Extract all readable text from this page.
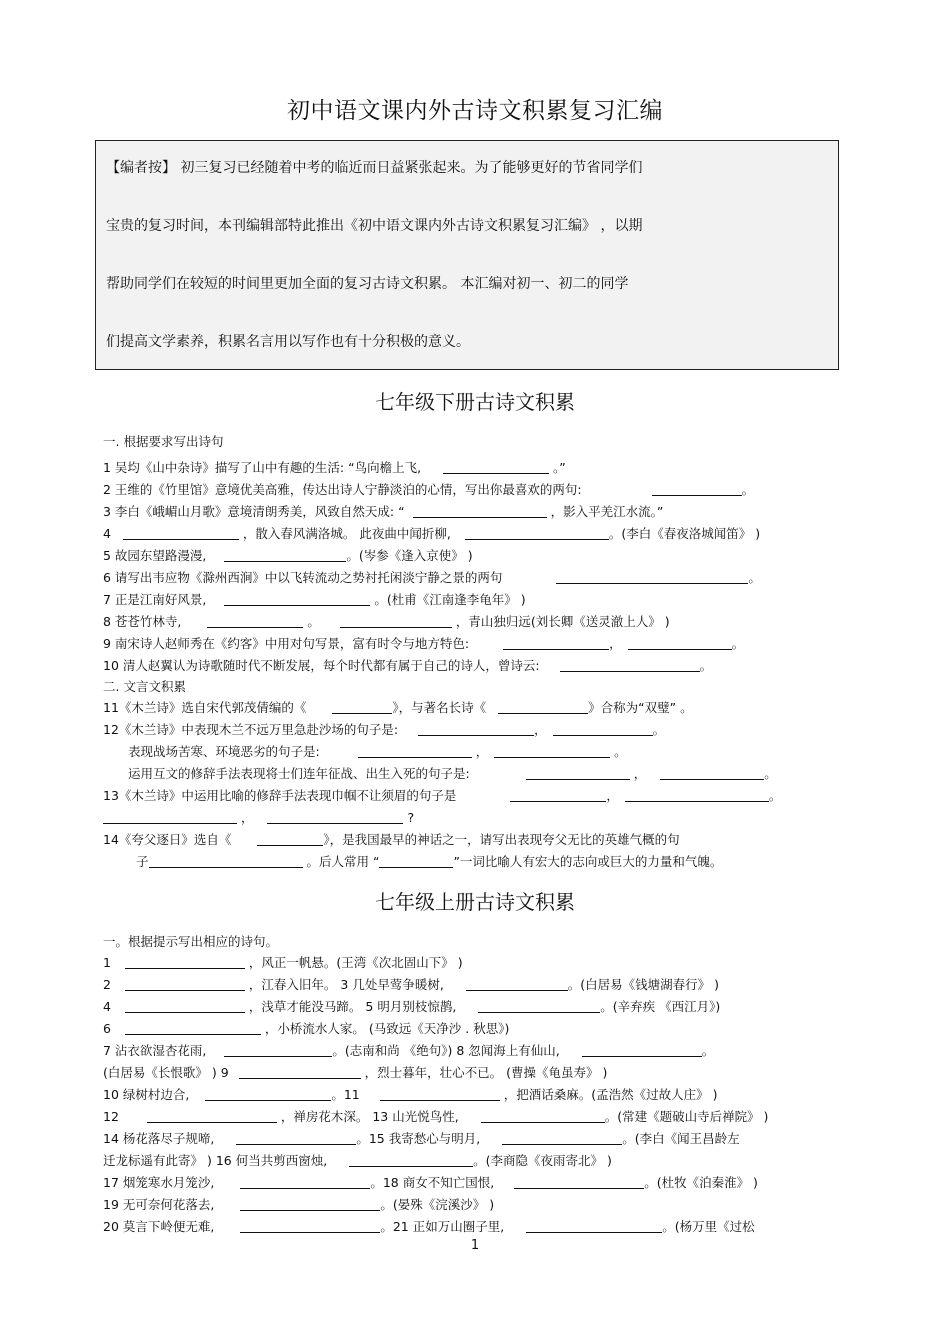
初中语文课内外古诗文积累复习汇编
【编者按】 初三复习已经随着中考的临近而日益紧张起来。为了能够更好的节省同学们
宝贵的复习时间，本刊编辑部特此推出《初中语文课内外古诗文积累复习汇编》 ，以期
帮助同学们在较短的时间里更加全面的复习古诗文积累。 本汇编对初一、初二的同学
们提高文学素养，积累名言用以写作也有十分积极的意义。
七年级下册古诗文积累
一. 根据要求写出诗句
1 吴均《山中杂诗》描写了山中有趣的生活: “鸟向檐上飞,	。”
2 王维的《竹里馆》意境优美高雅，传达出诗人宁静淡泊的心情，写出你最喜欢的两句:	。
3 李白《峨嵋山月歌》意境清朗秀美，风致自然天成: “	，影入平羌江水流。”
4	，散入春风满洛城。 此夜曲中闻折柳,	。(李白《春夜洛城闻笛》 )
5 故园东望路漫漫,	。(岑参《逢入京使》 )
6 请写出韦应物《滁州西涧》中以飞转流动之势衬托闲淡宁静之景的两句	。
7 正是江南好风景,	。(杜甫《江南逢李龟年》 )
8 苍苍竹林寺,	。	，青山独归远(刘长卿《送灵澈上人》 )
9 南宋诗人赵师秀在《约客》中用对句写景，富有时令与地方特色:	，	。
10 清人赵翼认为诗歌随时代不断发展，每个时代都有属于自己的诗人，曾诗云:	。
二. 文言文积累
11《木兰诗》选自宋代郭茂倩编的《	》，与著名长诗《	》合称为“双璧” 。
12《木兰诗》中表现木兰不远万里急赴沙场的句子是:	，	。
表现战场苦寒、环境恶劣的句子是:	，	。
运用互文的修辞手法表现将士们连年征战、出生入死的句子是:	，	。
13《木兰诗》中运用比喻的修辞手法表现巾帼不让须眉的句子是	，	。
，	?
14《夸父逐日》选自《	》，是我国最早的神话之一，请写出表现夸父无比的英雄气概的句
子	。后人常用 “	”一词比喻人有宏大的志向或巨大的力量和气魄。
七年级上册古诗文积累
一。根据提示写出相应的诗句。
1	，风正一帆悬。(王湾《次北固山下》 )
2	，江春入旧年。 3 几处早莺争暖树,	。(白居易《钱塘湖春行》 )
4	，浅草才能没马蹄。 5 明月别枝惊鹊,	。(辛弃疾 《西江月》)
6	，小桥流水人家。 (马致远《天净沙 . 秋思》)
7 沾衣欲湿杏花雨,	。(志南和尚 《绝句》) 8 忽闻海上有仙山,	。
(白居易《长恨歌》 ) 9	，烈士暮年，壮心不已。 (曹操《龟虽寿》 )
10 绿树村边合,	。11	，把酒话桑麻。(孟浩然《过故人庄》 )
12	，禅房花木深。 13 山光悦鸟性,	。(常建《题破山寺后禅院》 )
14 杨花落尽子规啼,	。15 我寄愁心与明月,	。(李白《闻王昌龄左
迁龙标遥有此寄》 ) 16 何当共剪西窗烛,	。(李商隐《夜雨寄北》 )
17 烟笼寒水月笼沙,	。18 商女不知亡国恨,	。(杜牧《泊秦淮》 )
19 无可奈何花落去,	。(晏殊《浣溪沙》 )
20 莫言下岭便无难,	。21 正如万山圈子里,	。(杨万里《过松
1
